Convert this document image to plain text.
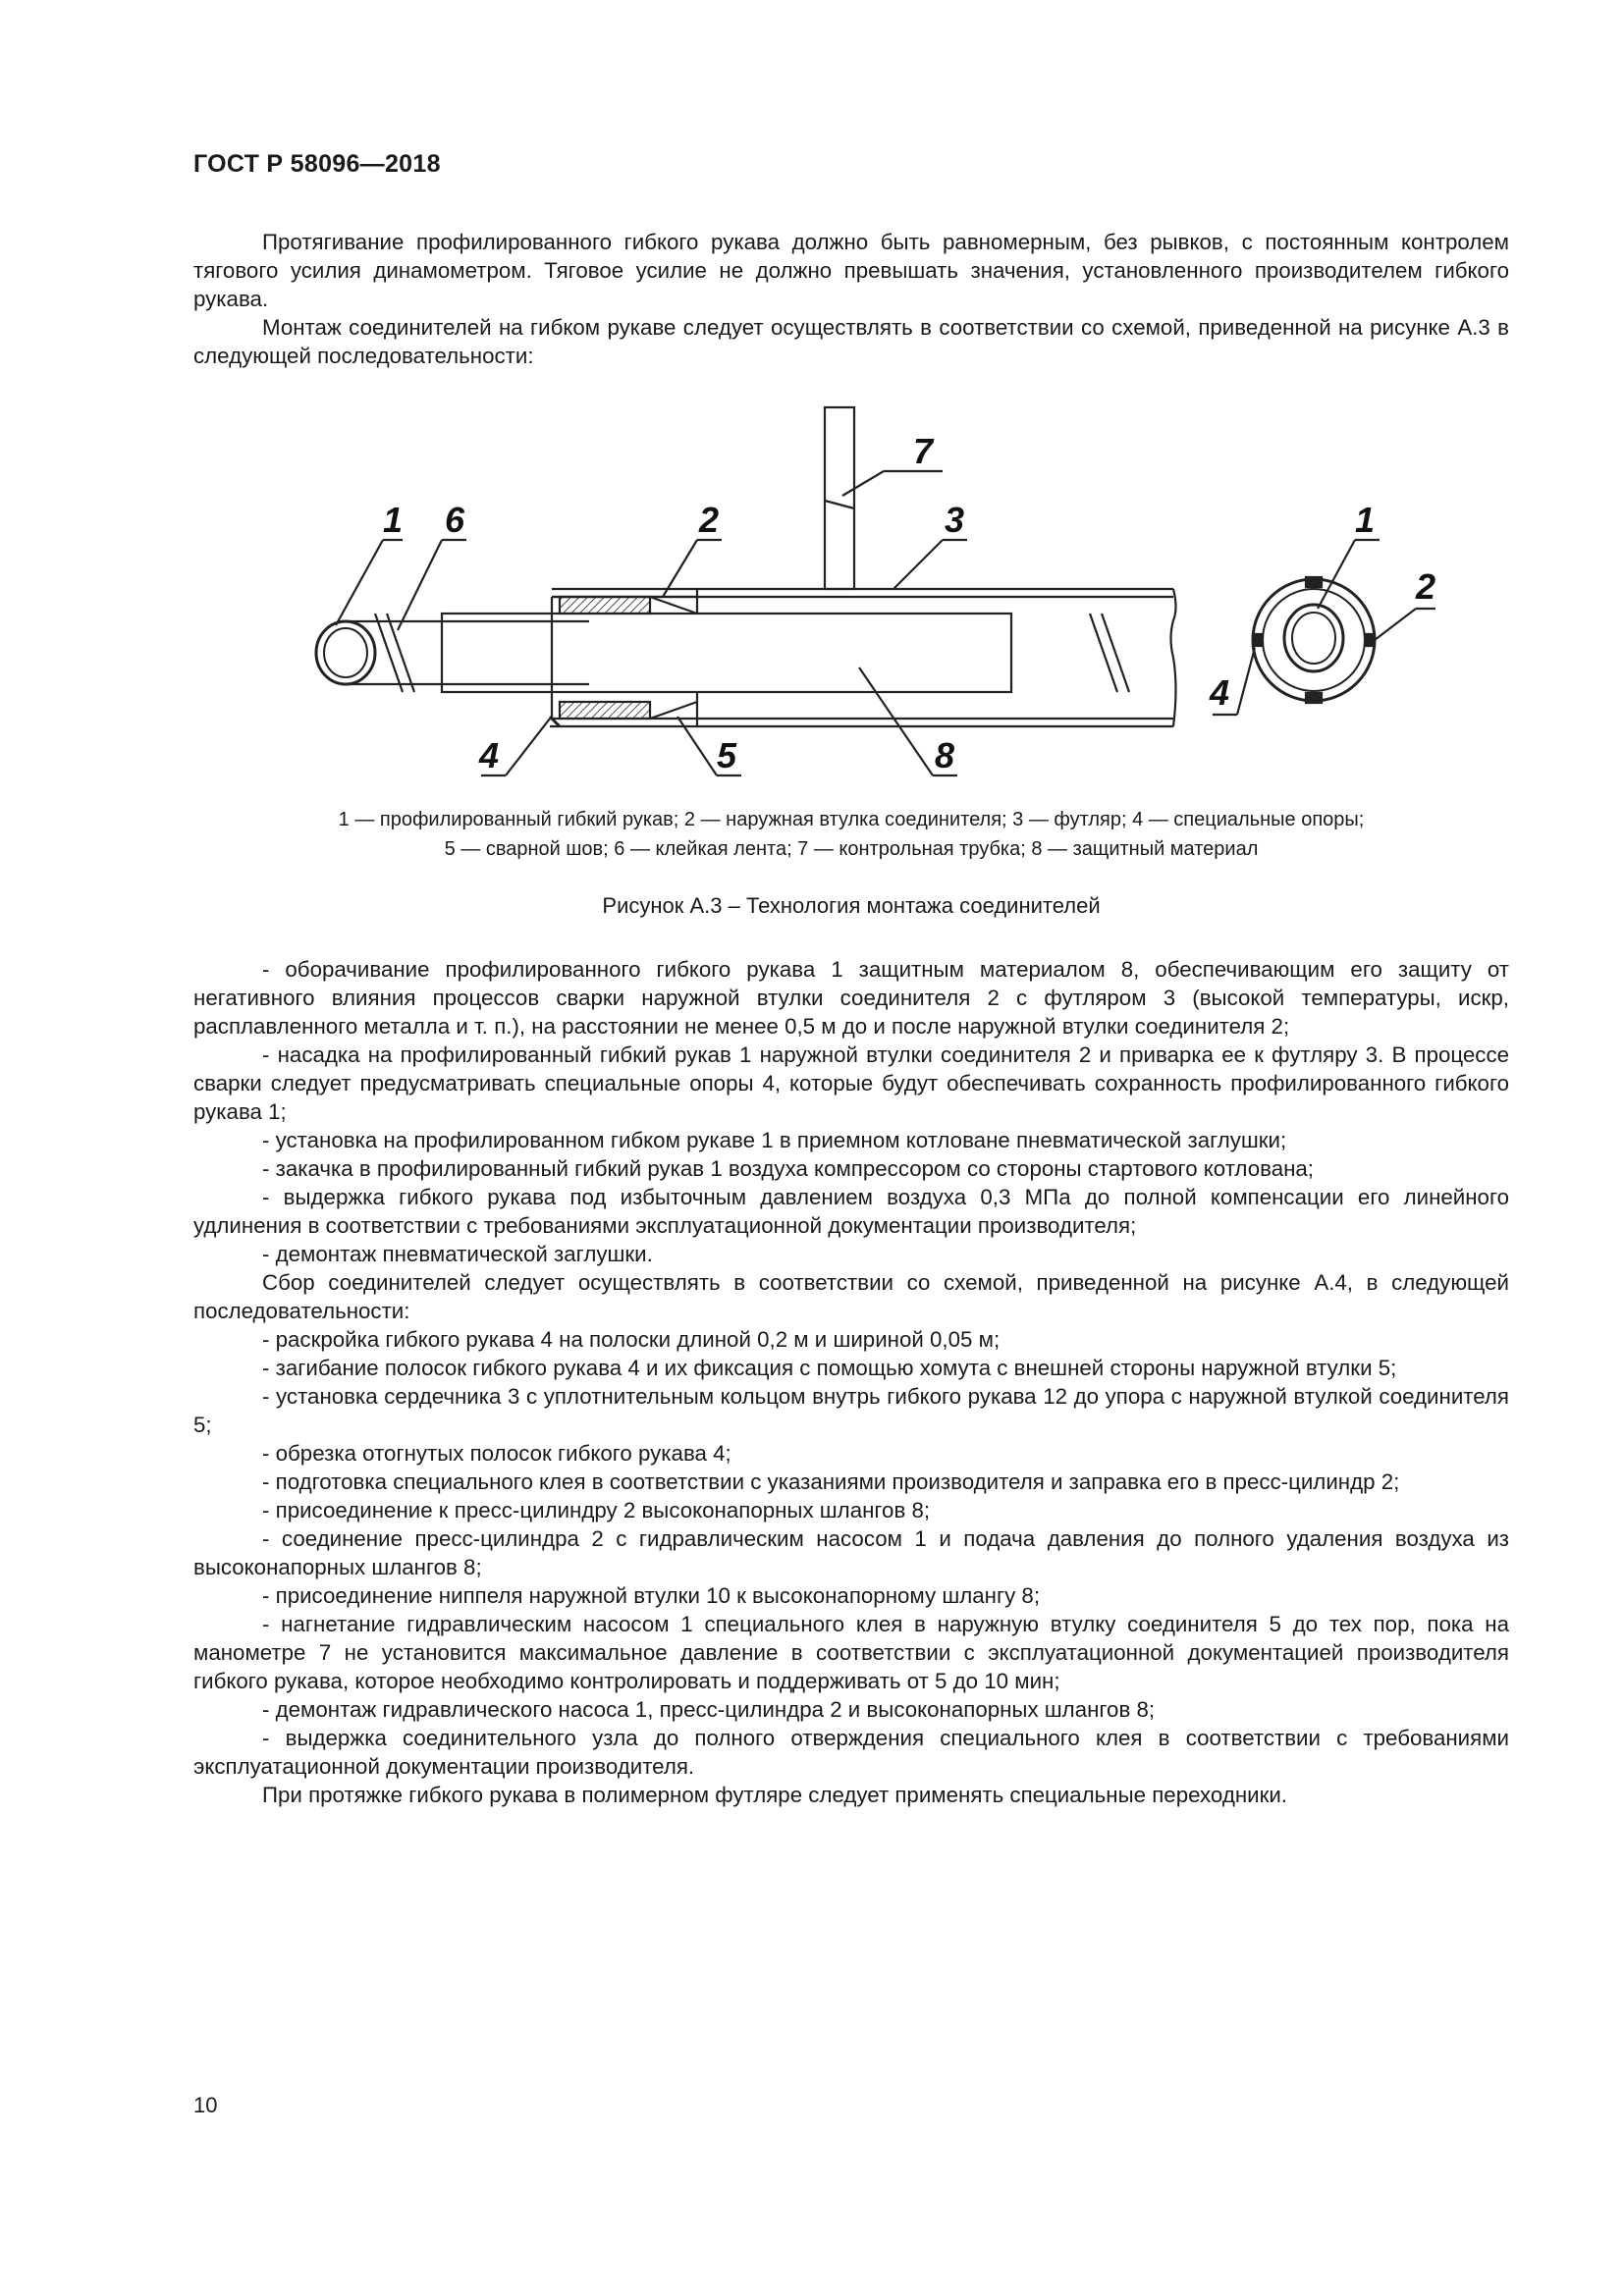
ГОСТ Р 58096—2018

Протягивание профилированного гибкого рукава должно быть равномерным, без рывков, с постоянным контролем тягового усилия динамометром. Тяговое усилие не должно превышать значения, установленного производителем гибкого рукава.

Монтаж соединителей на гибком рукаве следует осуществлять в соответствии со схемой, приведенной на рисунке А.3 в следующей последовательности:

1 6	2	3
7
4	5	8
1
2
4
1 — профилированный гибкий рукав; 2 — наружная втулка соединителя; 3 — футляр; 4 — специальные опоры;
5 — сварной шов; 6 — клейкая лента; 7 — контрольная трубка; 8 — защитный материал
Рисунок А.3 – Технология монтажа соединителей

- оборачивание профилированного гибкого рукава 1 защитным материалом 8, обеспечивающим его защиту от негативного влияния процессов сварки наружной втулки соединителя 2 с футляром 3 (высокой температуры, искр, расплавленного металла и т. п.), на расстоянии не менее 0,5 м до и после наружной втулки соединителя 2;

- насадка на профилированный гибкий рукав 1 наружной втулки соединителя 2 и приварка ее к футляру 3. В процессе сварки следует предусматривать специальные опоры 4, которые будут обеспечивать сохранность профилированного гибкого рукава 1;

- установка на профилированном гибком рукаве 1 в приемном котловане пневматической заглушки;

- закачка в профилированный гибкий рукав 1 воздуха компрессором со стороны стартового котлована;

- выдержка гибкого рукава под избыточным давлением воздуха 0,3 МПа до полной компенсации его линейного удлинения в соответствии с требованиями эксплуатационной документации производителя;

- демонтаж пневматической заглушки.

Сбор соединителей следует осуществлять в соответствии со схемой, приведенной на рисунке А.4, в следующей последовательности:

- раскройка гибкого рукава 4 на полоски длиной 0,2 м и шириной 0,05 м;

- загибание полосок гибкого рукава 4 и их фиксация с помощью хомута с внешней стороны наружной втулки 5;

- установка сердечника 3 с уплотнительным кольцом внутрь гибкого рукава 12 до упора с наружной втулкой соединителя 5;

- обрезка отогнутых полосок гибкого рукава 4;

- подготовка специального клея в соответствии с указаниями производителя и заправка его в пресс-цилиндр 2;

- присоединение к пресс-цилиндру 2 высоконапорных шлангов 8;

- соединение пресс-цилиндра 2 с гидравлическим насосом 1 и подача давления до полного удаления воздуха из высоконапорных шлангов 8;

- присоединение ниппеля наружной втулки 10 к высоконапорному шлангу 8;

- нагнетание гидравлическим насосом 1 специального клея в наружную втулку соединителя 5 до тех пор, пока на манометре 7 не установится максимальное давление в соответствии с эксплуатационной документацией производителя гибкого рукава, которое необходимо контролировать и поддерживать от 5 до 10 мин;

- демонтаж гидравлического насоса 1, пресс-цилиндра 2 и высоконапорных шлангов 8;

- выдержка соединительного узла до полного отверждения специального клея в соответствии с требованиями эксплуатационной документации производителя.

При протяжке гибкого рукава в полимерном футляре следует применять специальные переходники.

10
